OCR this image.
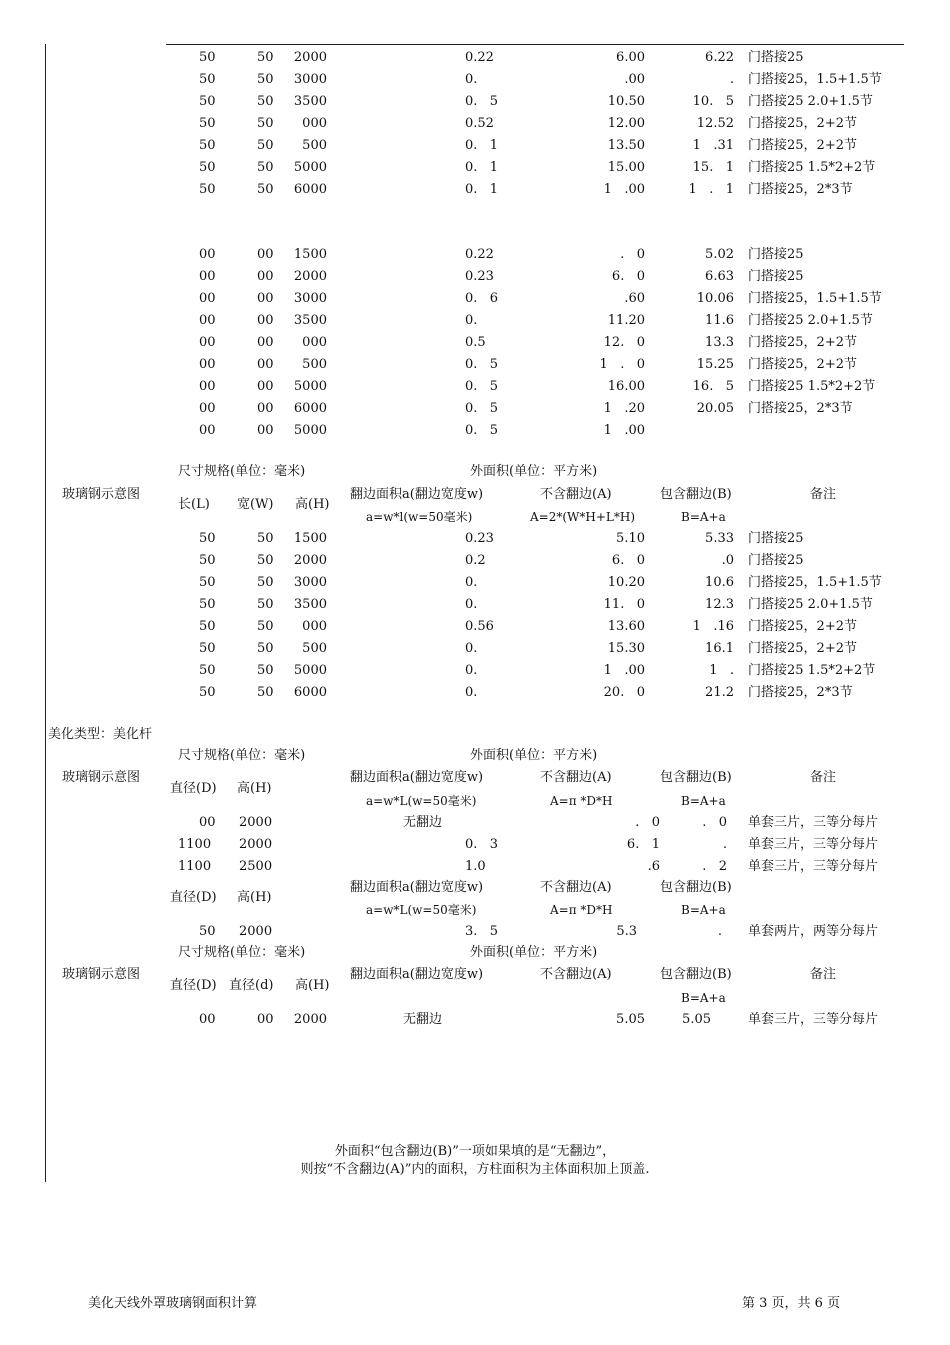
尺寸规格(单位：毫米)	外面积(单位：平方米)
玻璃钢示意图	翻边面积a(翻边宽度w)	不含翻边(A)	包含翻边(B)	备注
长(L) 宽(W) 高(H)
a=w*l(w=50毫米)	A=2*(W*H+L*H)	B=A+a
美化类型：美化杆
尺寸规格(单位：毫米)	外面积(单位：平方米)
玻璃钢示意图	翻边面积a(翻边宽度w)	不含翻边(A)	包含翻边(B)	备注
直径(D) 高(H)
a=w*L(w=50毫米)	A=π *D*H	B=A+a
翻边面积a(翻边宽度w)	不含翻边(A)	包含翻边(B)
直径(D) 高(H)
a=w*L(w=50毫米)	A=π *D*H	B=A+a
尺寸规格(单位：毫米)	外面积(单位：平方米)
玻璃钢示意图	翻边面积a(翻边宽度w)	不含翻边(A)	包含翻边(B)	备注
直径(D) 直径(d) 高(H)
B=A+a
外面积“包含翻边(B)”一项如果填的是“无翻边”，
则按“不含翻边(A)”内的面积，方柱面积为主体面积加上顶盖.
美化天线外罩玻璃钢面积计算	第 3 页，共 6 页
50	50	2000	0.22	6.00	6.22 门搭接25
50	50	3000	0.	.00	. 门搭接25，1.5+1.5节
50	50	3500	0.   5	10.50	10.   5 门搭接25 2.0+1.5节
50	50	000	0.52	12.00	12.52 门搭接25，2+2节
50	50	500	0.   1	13.50	1   .31 门搭接25，2+2节
50	50	5000	0.   1	15.00	15.   1 门搭接25 1.5*2+2节
50	50	6000	0.   1	1   .00	1   .   1 门搭接25，2*3节
00	00	1500	0.22	.   0	5.02 门搭接25
00	00	2000	0.23	6.   0	6.63 门搭接25
00	00	3000	0.   6	.60	10.06 门搭接25，1.5+1.5节
00	00	3500	0.	11.20	11.6 门搭接25 2.0+1.5节
00	00	000	0.5	12.   0	13.3 门搭接25，2+2节
00	00	500	0.   5	1   .   0	15.25 门搭接25，2+2节
00	00	5000	0.   5	16.00	16.   5 门搭接25 1.5*2+2节
00	00	6000	0.   5	1   .20	20.05 门搭接25，2*3节
00	00	5000	0.   5	1   .00
50	50	1500	0.23	5.10	5.33 门搭接25
50	50	2000	0.2	6.   0	.0 门搭接25
50	50	3000	0.	10.20	10.6 门搭接25，1.5+1.5节
50	50	3500	0.	11.   0	12.3 门搭接25 2.0+1.5节
50	50	000	0.56	13.60	1   .16 门搭接25，2+2节
50	50	500	0.	15.30	16.1 门搭接25，2+2节
50	50	5000	0.	1   .00	1   . 门搭接25 1.5*2+2节
50	50	6000	0.	20.   0	21.2 门搭接25，2*3节
00 2000	无翻边	.   0	.   0 单套三片，三等分每片
1100 2000	0.   3	6.   1	. 单套三片，三等分每片
1100 2500	1.0	.6	.   2 单套三片，三等分每片
50 2000	3.   5	5.3	. 单套两片，两等分每片
00	00	2000	无翻边	5.05	5.05	单套三片，三等分每片
